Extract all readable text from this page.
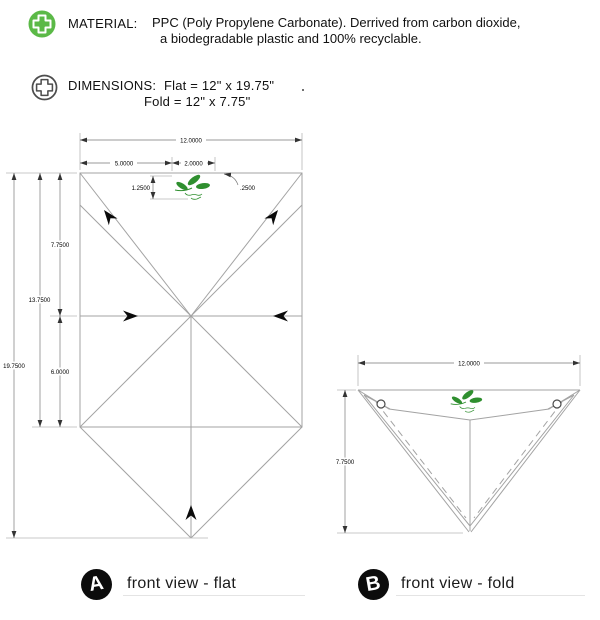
MATERIAL: PPC (Poly Propylene Carbonate). Derrived from carbon dioxide,
a biodegradable plastic and 100% recyclable.
DIMENSIONS: Flat = 12" x 19.75"
Fold = 12" x 7.75"
12.0000
5.0000	2.0000
1.2500	.2500
7.7500
6.0000
13.7500
19.7500	12.0000
7.7500
A front view - flat	B front view - fold
